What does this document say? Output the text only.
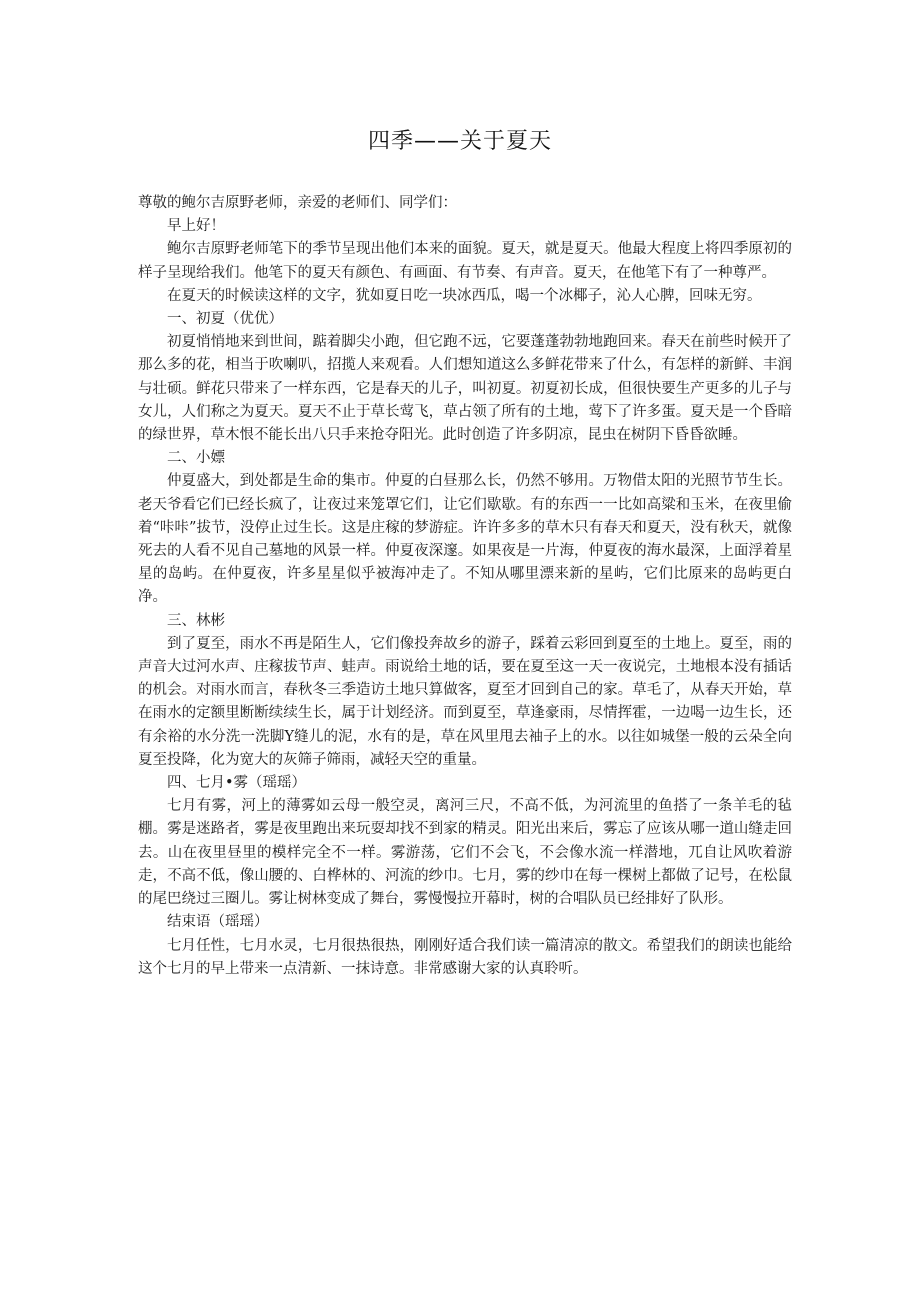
四季——关于夏天

尊敬的鲍尔吉原野老师，亲爱的老师们、同学们：

早上好！

鲍尔吉原野老师笔下的季节呈现出他们本来的面貌。夏天，就是夏天。他最大程度上将四季原初的样子呈现给我们。他笔下的夏天有颜色、有画面、有节奏、有声音。夏天，在他笔下有了一种尊严。

在夏天的时候读这样的文字，犹如夏日吃一块冰西瓜，喝一个冰椰子，沁人心脾，回味无穷。

一、初夏（优优）

初夏悄悄地来到世间，踮着脚尖小跑，但它跑不远，它要蓬蓬勃勃地跑回来。春天在前些时候开了那么多的花，相当于吹喇叭，招揽人来观看。人们想知道这么多鲜花带来了什么，有怎样的新鲜、丰润与壮硕。鲜花只带来了一样东西，它是春天的儿子，叫初夏。初夏初长成，但很快要生产更多的儿子与女儿，人们称之为夏天。夏天不止于草长莺飞，草占领了所有的土地，莺下了许多蛋。夏天是一个昏暗的绿世界，草木恨不能长出八只手来抢夺阳光。此时创造了许多阴凉，昆虫在树阴下昏昏欲睡。

二、小嫖

仲夏盛大，到处都是生命的集市。仲夏的白昼那么长，仍然不够用。万物借太阳的光照节节生长。老天爷看它们已经长疯了，让夜过来笼罩它们，让它们歇歇。有的东西一一比如高粱和玉米，在夜里偷着“咔咔”拔节，没停止过生长。这是庄稼的梦游症。许许多多的草木只有春天和夏天，没有秋天，就像死去的人看不见自己墓地的风景一样。仲夏夜深邃。如果夜是一片海，仲夏夜的海水最深，上面浮着星星的岛屿。在仲夏夜，许多星星似乎被海冲走了。不知从哪里漂来新的星屿，它们比原来的岛屿更白净。

三、林彬

到了夏至，雨水不再是陌生人，它们像投奔故乡的游子，踩着云彩回到夏至的土地上。夏至，雨的声音大过河水声、庄稼拔节声、蛙声。雨说给土地的话，要在夏至这一天一夜说完，土地根本没有插话的机会。对雨水而言，春秋冬三季造访土地只算做客，夏至才回到自己的家。草毛了，从春天开始，草在雨水的定额里断断续续生长，属于计划经济。而到夏至，草逢豪雨，尽情挥霍，一边喝一边生长，还有余裕的水分洗一洗脚Y缝儿的泥，水有的是，草在风里甩去袖子上的水。以往如城堡一般的云朵全向夏至投降，化为宽大的灰筛子筛雨，减轻天空的重量。

四、七月•雾（瑶瑶）

七月有雾，河上的薄雾如云母一般空灵，离河三尺，不高不低，为河流里的鱼搭了一条羊毛的毡棚。雾是迷路者，雾是夜里跑出来玩耍却找不到家的精灵。阳光出来后，雾忘了应该从哪一道山缝走回去。山在夜里昼里的模样完全不一样。雾游荡，它们不会飞，不会像水流一样潜地，兀自让风吹着游走，不高不低，像山腰的、白桦林的、河流的纱巾。七月，雾的纱巾在每一棵树上都做了记号，在松鼠的尾巴绕过三圈儿。雾让树林变成了舞台，雾慢慢拉开幕时，树的合唱队员已经排好了队形。

结束语（瑶瑶）

七月任性，七月水灵，七月很热很热，刚刚好适合我们读一篇清凉的散文。希望我们的朗读也能给这个七月的早上带来一点清新、一抹诗意。非常感谢大家的认真聆听。
